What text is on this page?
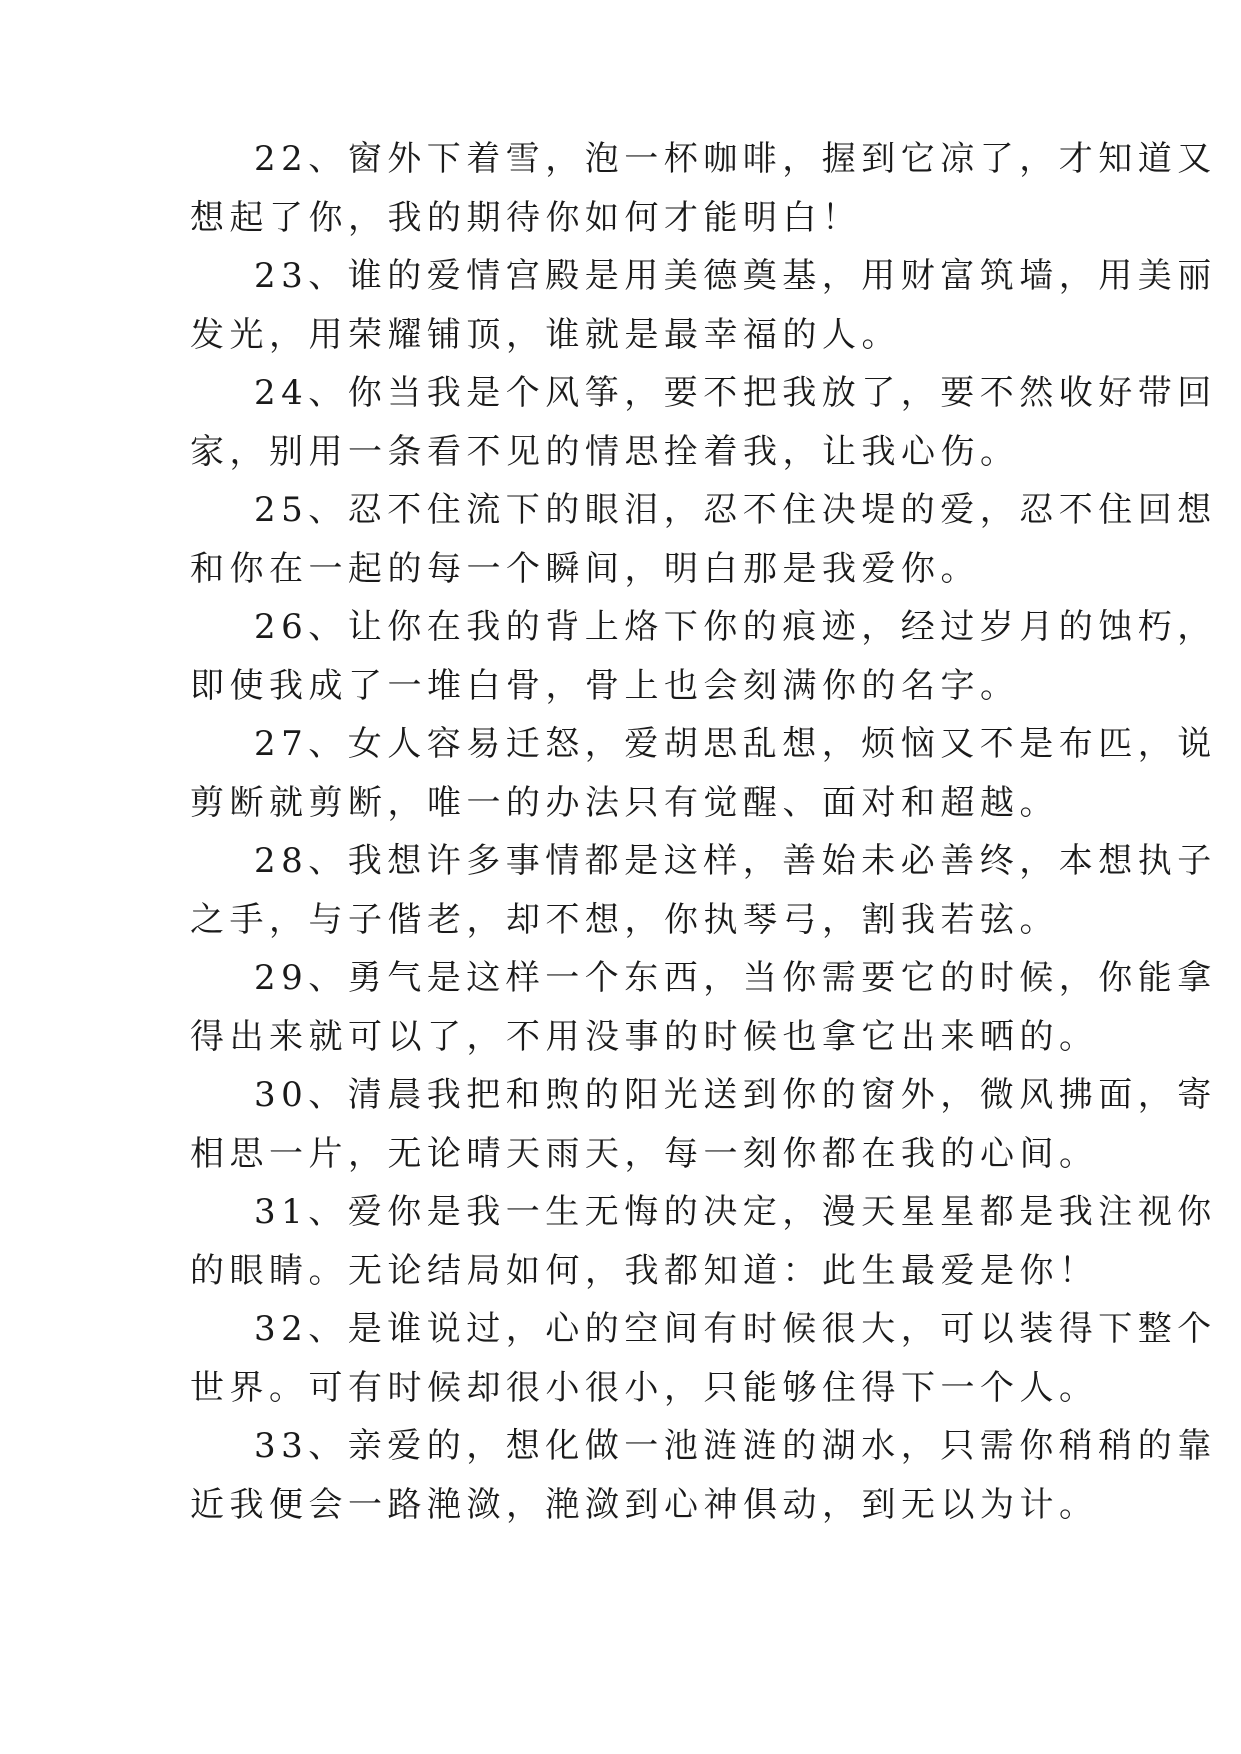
22、窗外下着雪，泡一杯咖啡，握到它凉了，才知道又
想起了你，我的期待你如何才能明白！
23、谁的爱情宫殿是用美德奠基，用财富筑墙，用美丽
发光，用荣耀铺顶，谁就是最幸福的人。
24、你当我是个风筝，要不把我放了，要不然收好带回
家，别用一条看不见的情思拴着我，让我心伤。
25、忍不住流下的眼泪，忍不住决堤的爱，忍不住回想
和你在一起的每一个瞬间，明白那是我爱你。
26、让你在我的背上烙下你的痕迹，经过岁月的蚀朽，
即使我成了一堆白骨，骨上也会刻满你的名字。
27、女人容易迁怒，爱胡思乱想，烦恼又不是布匹，说
剪断就剪断，唯一的办法只有觉醒、面对和超越。
28、我想许多事情都是这样，善始未必善终，本想执子
之手，与子偕老，却不想，你执琴弓，割我若弦。
29、勇气是这样一个东西，当你需要它的时候，你能拿
得出来就可以了，不用没事的时候也拿它出来晒的。
30、清晨我把和煦的阳光送到你的窗外，微风拂面，寄
相思一片，无论晴天雨天，每一刻你都在我的心间。
31、爱你是我一生无悔的决定，漫天星星都是我注视你
的眼睛。无论结局如何，我都知道：此生最爱是你！
32、是谁说过，心的空间有时候很大，可以装得下整个
世界。可有时候却很小很小，只能够住得下一个人。
33、亲爱的，想化做一池涟涟的湖水，只需你稍稍的靠
近我便会一路滟潋，滟潋到心神俱动，到无以为计。
